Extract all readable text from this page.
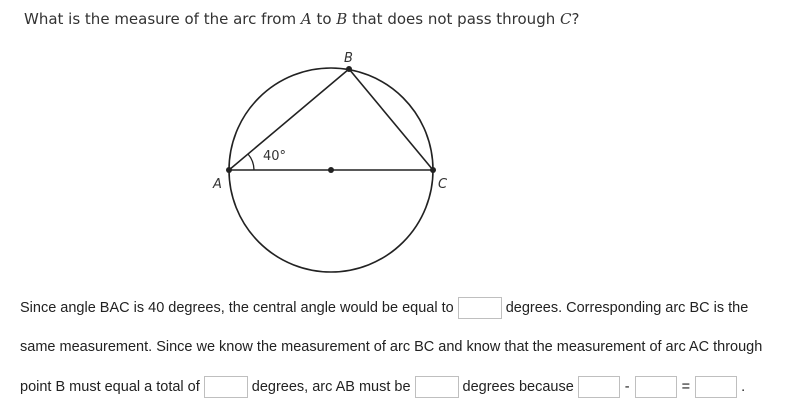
What is the measure of the arc from A to B that does not pass through C?
A
B
C
40°
Since angle BAC is 40 degrees, the central angle would be equal to	degrees. Corresponding arc BC is the
same measurement. Since we know the measurement of arc BC and know that the measurement of arc AC through
point B must equal a total of	degrees, arc AB must be	degrees because	-	=	.
